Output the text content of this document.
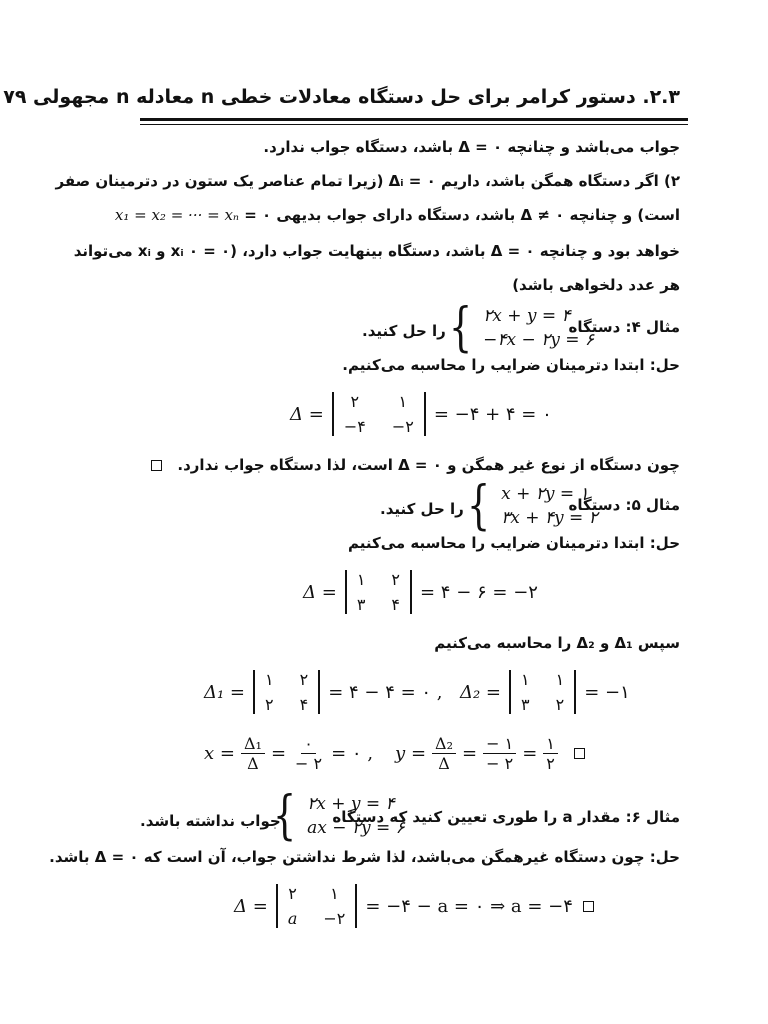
۲.۳. دستور کرامر برای حل دستگاه معادلات خطی n معادله n مجهولی ۷۹
جواب می‌باشد و چنانچه ۰ = Δ باشد، دستگاه جواب ندارد.
۲) اگر دستگاه همگن باشد، داریم ۰ = Δᵢ (زیرا تمام عناصر یک ستون در دترمینان صفر
است) و چنانچه ۰ ≠ Δ باشد، دستگاه دارای جواب بدیهی ۰ = x₁ = x₂ = ··· = xₙ
خواهد بود و چنانچه ۰ = Δ باشد، دستگاه بینهایت جواب دارد، (۰ = xᵢ ۰ و xᵢ می‌تواند
هر عدد دلخواهی باشد)
مثال ۴: دستگاه
{ ۲x + y = ۴
−۴x − ۲y = ۶
را حل کنید.
حل: ابتدا دترمینان ضرایب را محاسبه می‌کنیم.
Δ =
۲	۱
−۴ −۲
= −۴ + ۴ = ۰
چون دستگاه از نوع غیر همگن و ۰ = Δ است، لذا دستگاه جواب ندارد.
مثال ۵: دستگاه
{ x + ۲y = ۱
۳x + ۴y = ۲
را حل کنید.
حل: ابتدا دترمینان ضرایب را محاسبه می‌کنیم
Δ =
۱ ۲
۳ ۴
= ۴ − ۶ = −۲
سپس Δ₁ و Δ₂ را محاسبه می‌کنیم
Δ₁ =
۱ ۲
۲ ۴
= ۴ − ۴ = ۰ , Δ₂ =
۱ ۱
۳ ۲
= −۱
$x = \frac{\text{Δ₁}}{\Delta} = \frac{۰}{- ۲}$ = ۰ , $y = \frac{\text{Δ₂}}{\Delta} = \frac{- ۱}{- ۲} = \frac{۱}{۲}$
مثال ۶: مقدار a را طوری تعیین کنید که دستگاه
{ ۲x + y = ۴
ax − ۲y = ۶
جواب نداشته باشد.
حل: چون دستگاه غیرهمگن می‌باشد، لذا شرط نداشتن جواب، آن است که ۰ = Δ باشد.
Δ =
۲	۱
a −۲
= −۴ − a = ۰ ⇒ a = −۴
